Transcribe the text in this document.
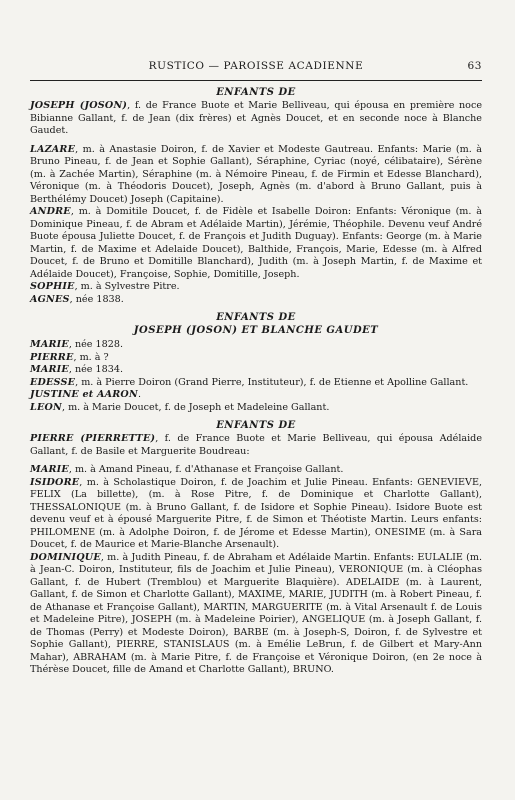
RUSTICO — PAROISSE ACADIENNE	63
ENFANTS DE

JOSEPH (JOSON), f. de France Buote et Marie Belliveau, qui épousa en première noce Bibianne Gallant, f. de Jean (dix frères) et Agnès Doucet, et en seconde noce à Blanche Gaudet.

LAZARE, m. à Anastasie Doiron, f. de Xavier et Modeste Gautreau. Enfants: Marie (m. à Bruno Pineau, f. de Jean et Sophie Gallant), Séraphine, Cyriac (noyé, célibataire), Sérène (m. à Zachée Martin), Séraphine (m. à Némoire Pineau, f. de Firmin et Edesse Blanchard), Véronique (m. à Théodoris Doucet), Joseph, Agnès (m. d'abord à Bruno Gallant, puis à Berthélémy Doucet) Joseph (Capitaine).

ANDRE, m. à Domitile Doucet, f. de Fidèle et Isabelle Doiron: Enfants: Véronique (m. à Dominique Pineau, f. de Abram et Adélaide Martin), Jérémie, Théophile. Devenu veuf André Buote épousa Juliette Doucet, f. de François et Judith Duguay). Enfants: George (m. à Marie Martin, f. de Maxime et Adelaide Doucet), Balthide, François, Marie, Edesse (m. à Alfred Doucet, f. de Bruno et Domitille Blanchard), Judith (m. à Joseph Martin, f. de Maxime et Adélaide Doucet), Françoise, Sophie, Domitille, Joseph.

SOPHIE, m. à Sylvestre Pitre.

AGNES, née 1838.

ENFANTS DE
JOSEPH (JOSON) ET BLANCHE GAUDET

MARIE, née 1828.

PIERRE, m. à ?

MARIE, née 1834.

EDESSE, m. à Pierre Doiron (Grand Pierre, Instituteur), f. de Etienne et Apolline Gallant.

JUSTINE et AARON.

LEON, m. à Marie Doucet, f. de Joseph et Madeleine Gallant.

ENFANTS DE

PIERRE (PIERRETTE), f. de France Buote et Marie Belliveau, qui épousa Adélaide Gallant, f. de Basile et Marguerite Boudreau:

MARIE, m. à Amand Pineau, f. d'Athanase et Françoise Gallant.

ISIDORE, m. à Scholastique Doiron, f. de Joachim et Julie Pineau. Enfants: GENEVIEVE, FELIX (La billette), (m. à Rose Pitre, f. de Dominique et Charlotte Gallant), THESSALONIQUE (m. à Bruno Gallant, f. de Isidore et Sophie Pineau). Isidore Buote est devenu veuf et à épousé Marguerite Pitre, f. de Simon et Théotiste Martin. Leurs enfants: PHILOMENE (m. à Adolphe Doiron, f. de Jérome et Edesse Martin), ONESIME (m. à Sara Doucet, f. de Maurice et Marie-Blanche Arsenault).

DOMINIQUE, m. à Judith Pineau, f. de Abraham et Adélaide Martin. Enfants: EULALIE (m. à Jean-C. Doiron, Instituteur, fils de Joachim et Julie Pineau), VERONIQUE (m. à Cléophas Gallant, f. de Hubert (Tremblou) et Marguerite Blaquière). ADELAIDE (m. à Laurent, Gallant, f. de Simon et Charlotte Gallant), MAXIME, MARIE, JUDITH (m. à Robert Pineau, f. de Athanase et Françoise Gallant), MARTIN, MARGUERITE (m. à Vital Arsenault f. de Louis et Madeleine Pitre), JOSEPH (m. à Madeleine Poirier), ANGELIQUE (m. à Joseph Gallant, f. de Thomas (Perry) et Modeste Doiron), BARBE (m. à Joseph-S, Doiron, f. de Sylvestre et Sophie Gallant), PIERRE, STANISLAUS (m. à Emélie LeBrun, f. de Gilbert et Mary-Ann Mahar), ABRAHAM (m. à Marie Pitre, f. de Françoise et Véronique Doiron, (en 2e noce à Thérèse Doucet, fille de Amand et Charlotte Gallant), BRUNO.
